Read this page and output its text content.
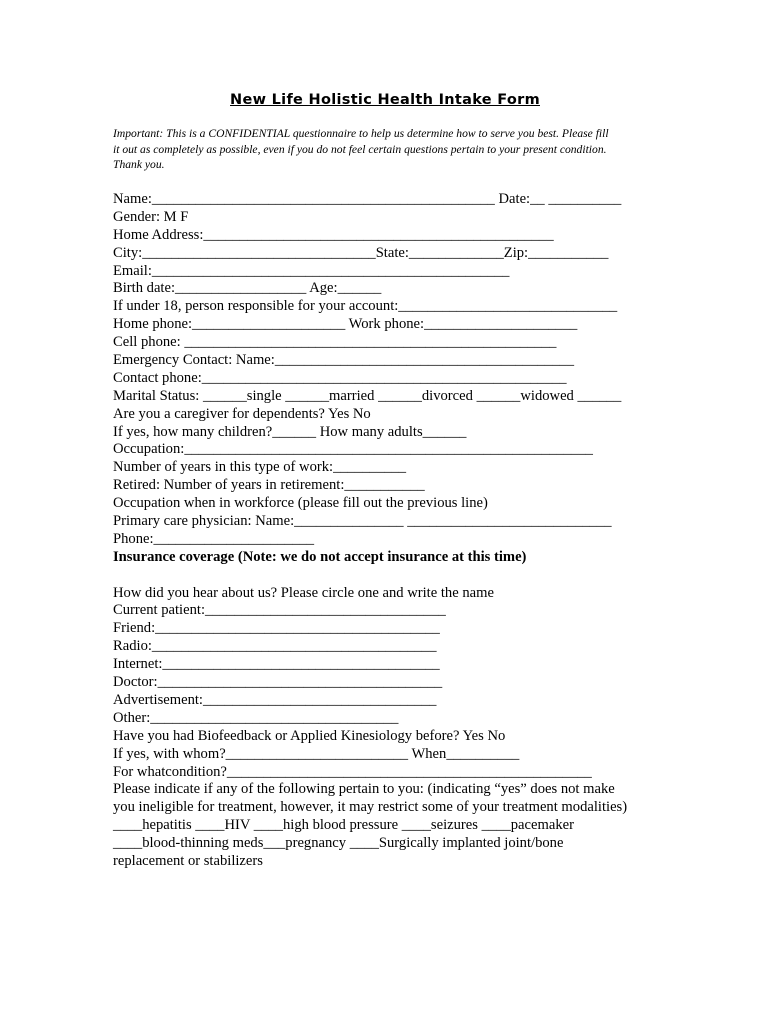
New Life Holistic Health Intake Form
Important: This is a CONFIDENTIAL questionnaire to help us determine how to serve you best. Please fill
it out as completely as possible, even if you do not feel certain questions pertain to your present condition.
Thank you.
Name:_______________________________________________ Date:__ __________
Gender: M F
Home Address:________________________________________________
City:________________________________State:_____________Zip:___________
Email:_________________________________________________
Birth date:__________________ Age:______
If under 18, person responsible for your account:______________________________
Home phone:_____________________ Work phone:_____________________
Cell phone: ___________________________________________________
Emergency Contact: Name:_________________________________________
Contact phone:__________________________________________________
Marital Status: ______single ______married ______divorced ______widowed ______
Are you a caregiver for dependents? Yes No
If yes, how many children?______ How many adults______
Occupation:________________________________________________________
Number of years in this type of work:__________
Retired: Number of years in retirement:___________
Occupation when in workforce (please fill out the previous line)
Primary care physician: Name:_______________ ____________________________
Phone:______________________
Insurance coverage (Note: we do not accept insurance at this time)
How did you hear about us? Please circle one and write the name
Current patient:_________________________________
Friend:_______________________________________
Radio:_______________________________________
Internet:______________________________________
Doctor:_______________________________________
Advertisement:________________________________
Other:__________________________________
Have you had Biofeedback or Applied Kinesiology before? Yes No
If yes, with whom?_________________________ When__________
For whatcondition?__________________________________________________
Please indicate if any of the following pertain to you: (indicating “yes” does not make
you ineligible for treatment, however, it may restrict some of your treatment modalities)
____hepatitis ____HIV ____high blood pressure ____seizures ____pacemaker
____blood-thinning meds___pregnancy ____Surgically implanted joint/bone
replacement or stabilizers
